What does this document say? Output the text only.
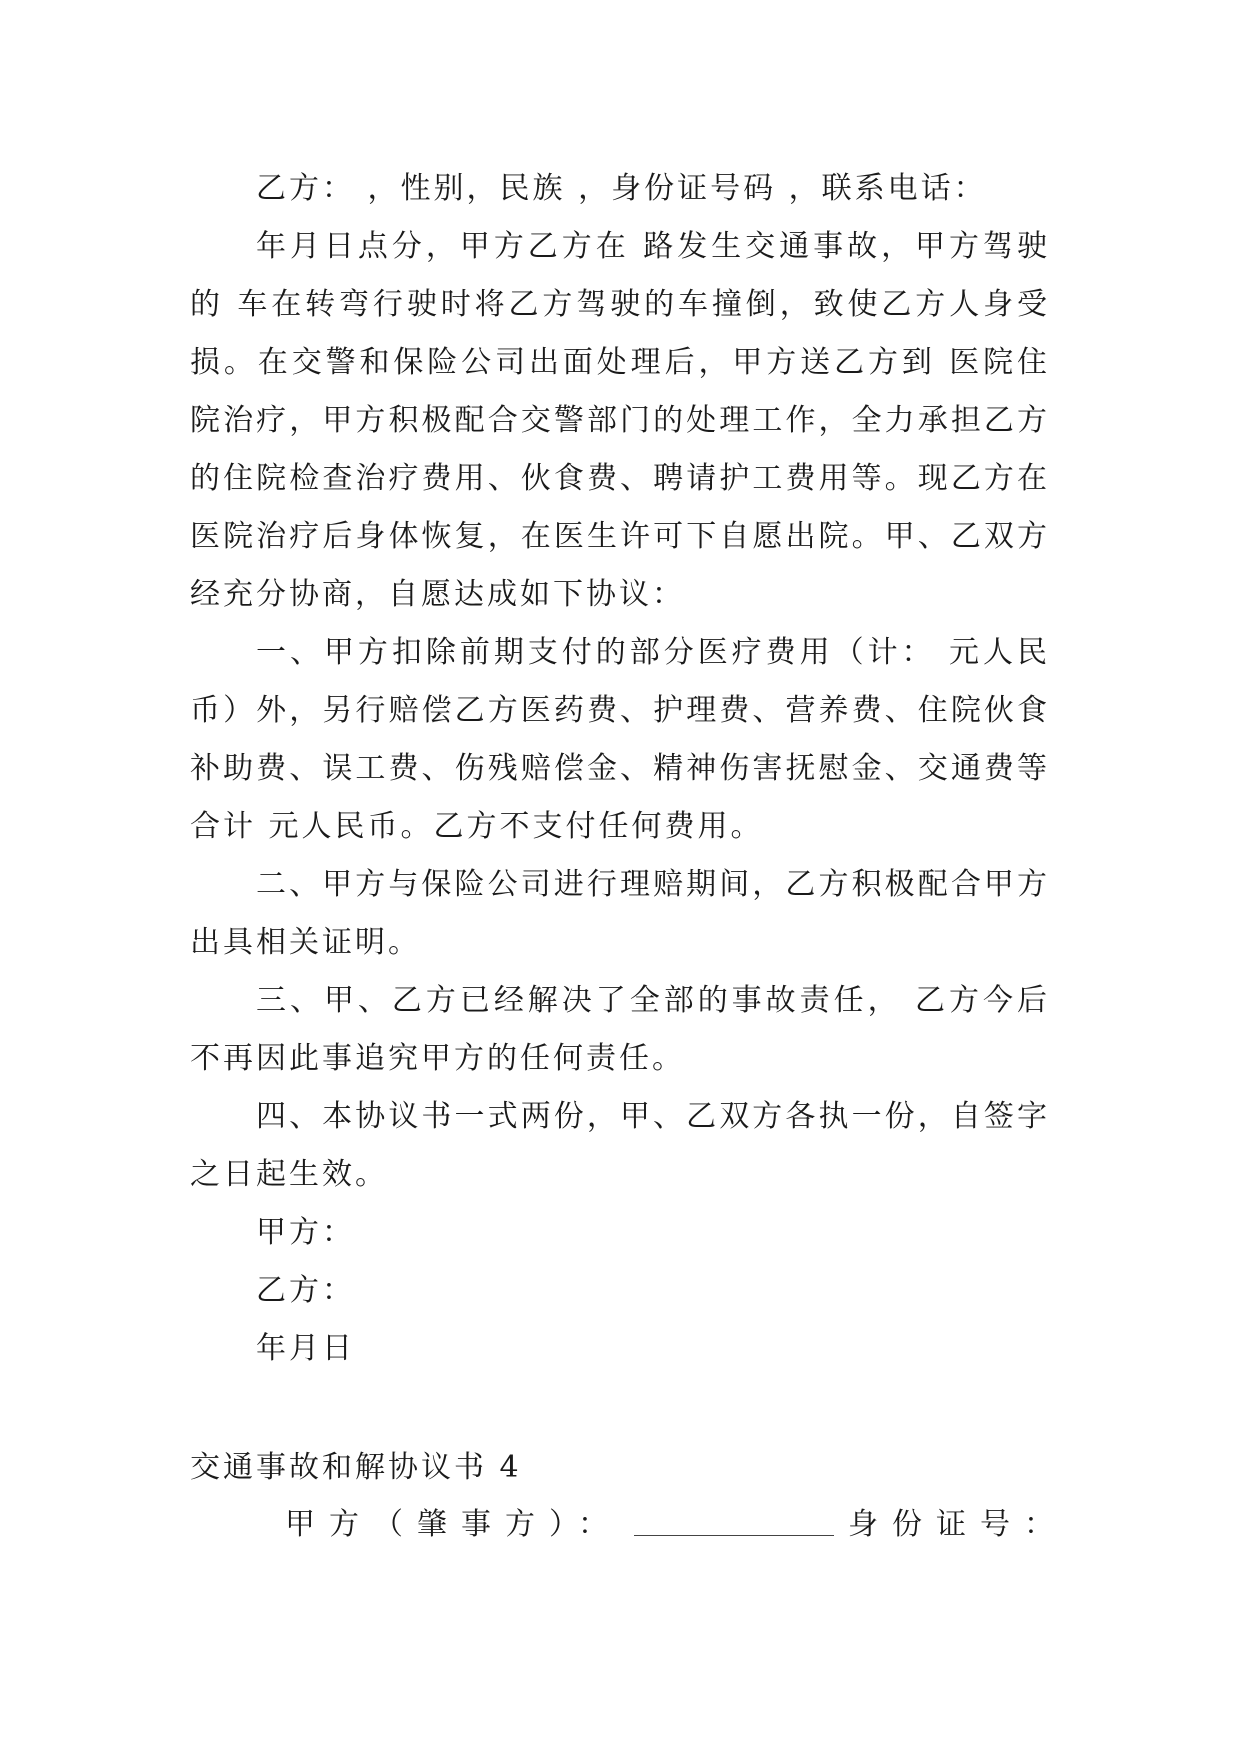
乙方： ，性别，民族 ，身份证号码 ，联系电话：

年月日点分，甲方乙方在 路发生交通事故，甲方驾驶的 车在转弯行驶时将乙方驾驶的车撞倒，致使乙方人身受损。在交警和保险公司出面处理后，甲方送乙方到 医院住院治疗，甲方积极配合交警部门的处理工作，全力承担乙方的住院检查治疗费用、伙食费、聘请护工费用等。现乙方在医院治疗后身体恢复，在医生许可下自愿出院。甲、乙双方经充分协商，自愿达成如下协议：

一、甲方扣除前期支付的部分医疗费用（计： 元人民币）外，另行赔偿乙方医药费、护理费、营养费、住院伙食补助费、误工费、伤残赔偿金、精神伤害抚慰金、交通费等合计 元人民币。乙方不支付任何费用。

二、甲方与保险公司进行理赔期间，乙方积极配合甲方出具相关证明。

三、甲、乙方已经解决了全部的事故责任， 乙方今后不再因此事追究甲方的任何责任。

四、本协议书一式两份，甲、乙双方各执一份，自签字之日起生效。

甲方：

乙方：

年月日

交通事故和解协议书 4

甲方（肇事方）：	身份证号：
